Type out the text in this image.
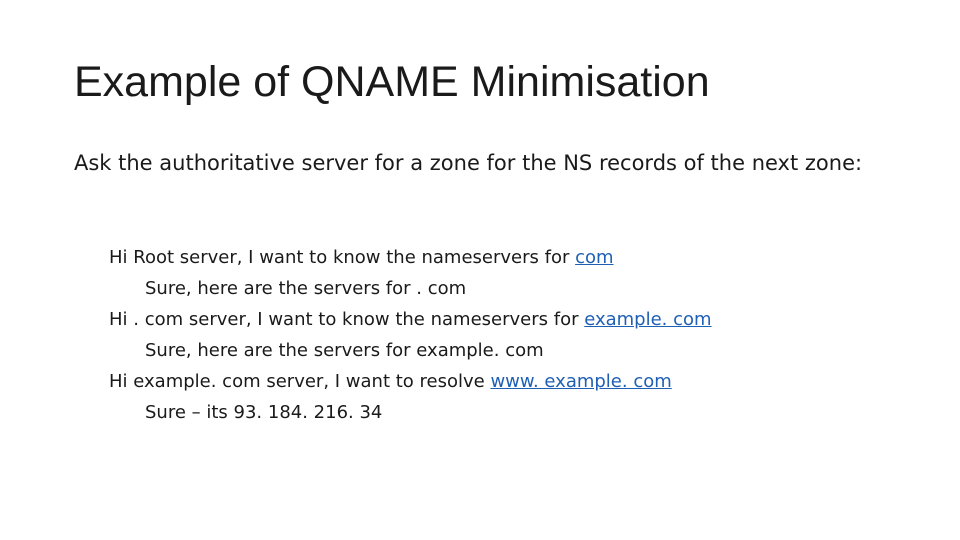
Example of QNAME Minimisation
Ask the authoritative server for a zone for the NS records of the next zone:
Hi Root server, I want to know the nameservers for com
Sure, here are the servers for . com
Hi . com server, I want to know the nameservers for example. com
Sure, here are the servers for example. com
Hi example. com server, I want to resolve www. example. com
Sure – its 93. 184. 216. 34
